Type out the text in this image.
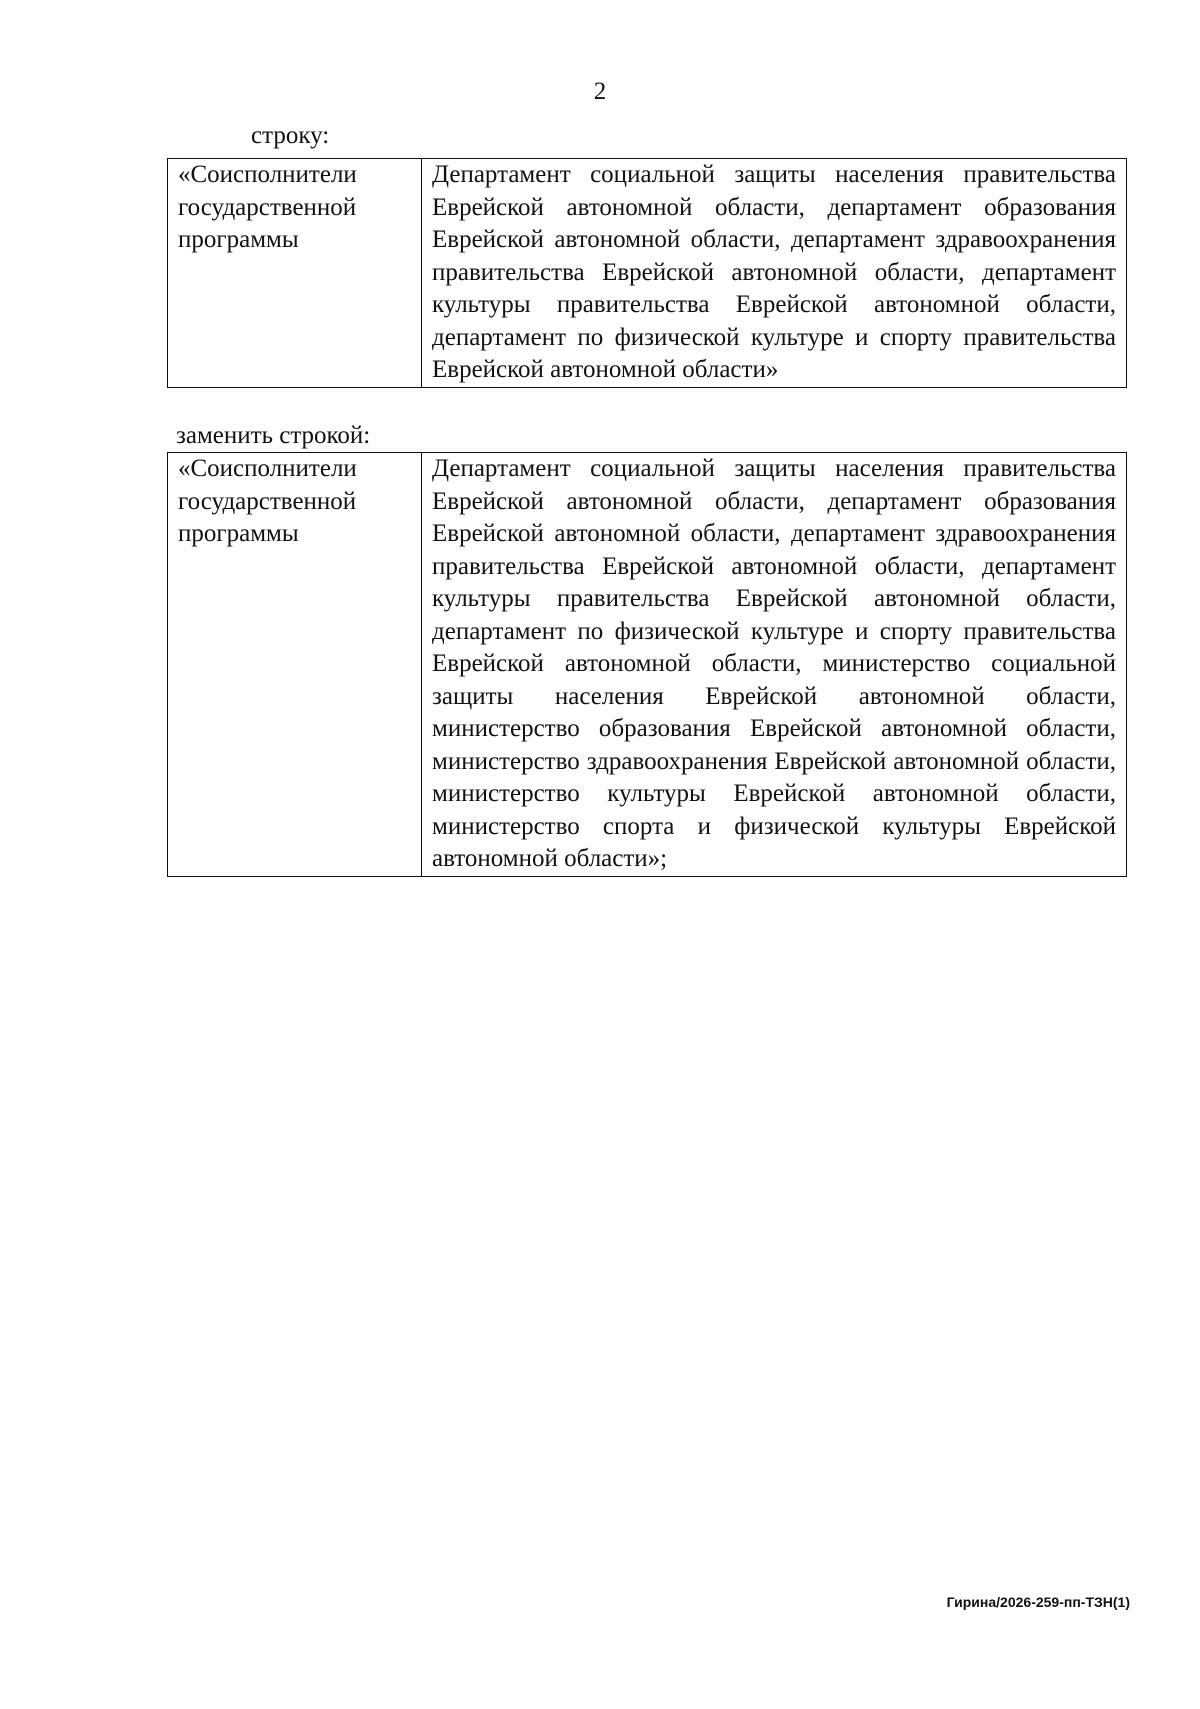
2
строку:
«Соисполнители государственной программы	Департамент социальной защиты населения правительства Еврейской автономной области, департамент образования Еврейской автономной области, департамент здравоохранения правительства Еврейской автономной области, департамент культуры правительства Еврейской автономной области, департамент по физической культуре и спорту правительства Еврейской автономной области»
заменить строкой:
«Соисполнители государственной программы	Департамент социальной защиты населения правительства Еврейской автономной области, департамент образования Еврейской автономной области, департамент здравоохранения правительства Еврейской автономной области, департамент культуры правительства Еврейской автономной области, департамент по физической культуре и спорту правительства Еврейской автономной области, министерство социальной защиты населения Еврейской автономной области, министерство образования Еврейской автономной области, министерство здравоохранения Еврейской автономной области, министерство культуры Еврейской автономной области, министерство спорта и физической культуры Еврейской автономной области»;
Гирина/2026-259-пп-ТЗН(1)
